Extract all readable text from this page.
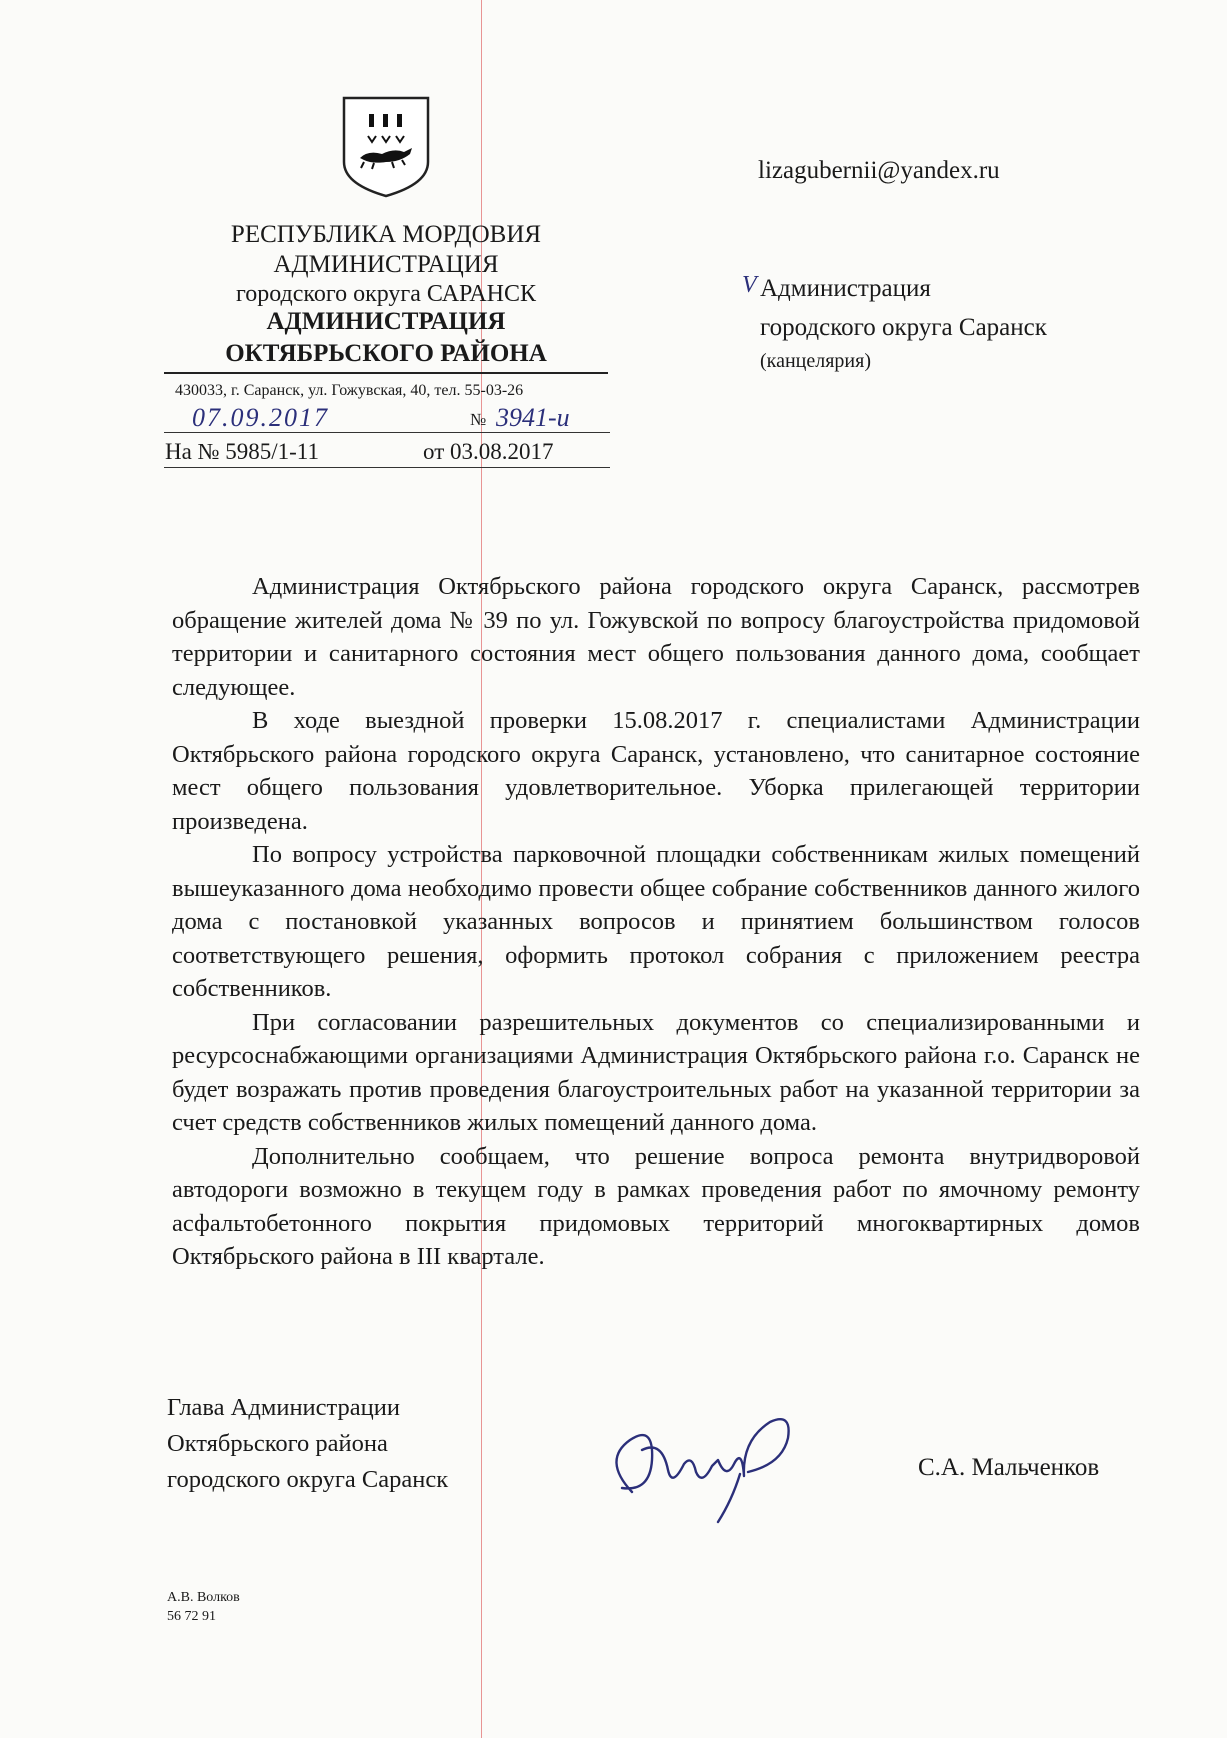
РЕСПУБЛИКА МОРДОВИЯ
АДМИНИСТРАЦИЯ
городского округа САРАНСК
АДМИНИСТРАЦИЯ
ОКТЯБРЬСКОГО РАЙОНА
430033, г. Саранск, ул. Гожувская, 40, тел. 55-03-26
07.09.2017	№ 3941-и
На № 5985/1-11	от 03.08.2017
lizagubernii@yandex.ru
V Администрация
городского округа Саранск
(канцелярия)

Администрация Октябрьского района городского округа Саранск, рассмотрев обращение жителей дома № 39 по ул. Гожувской по вопросу благоустройства придомовой территории и санитарного состояния мест общего пользования данного дома, сообщает следующее.

В ходе выездной проверки 15.08.2017 г. специалистами Администрации Октябрьского района городского округа Саранск, установлено, что санитарное состояние мест общего пользования удовлетворительное. Уборка прилегающей территории произведена.

По вопросу устройства парковочной площадки собственникам жилых помещений вышеуказанного дома необходимо провести общее собрание собственников данного жилого дома с постановкой указанных вопросов и принятием большинством голосов соответствующего решения, оформить протокол собрания с приложением реестра собственников.

При согласовании разрешительных документов со специализированными и ресурсоснабжающими организациями Администрация Октябрьского района г.о. Саранск не будет возражать против проведения благоустроительных работ на указанной территории за счет средств собственников жилых помещений данного дома.

Дополнительно сообщаем, что решение вопроса ремонта внутридворовой автодороги возможно в текущем году в рамках проведения работ по ямочному ремонту асфальтобетонного покрытия придомовых территорий многоквартирных домов Октябрьского района в III квартале.

Глава Администрации
Октябрьского района
городского округа Саранск	С.А. Мальченков
А.В. Волков
56 72 91
